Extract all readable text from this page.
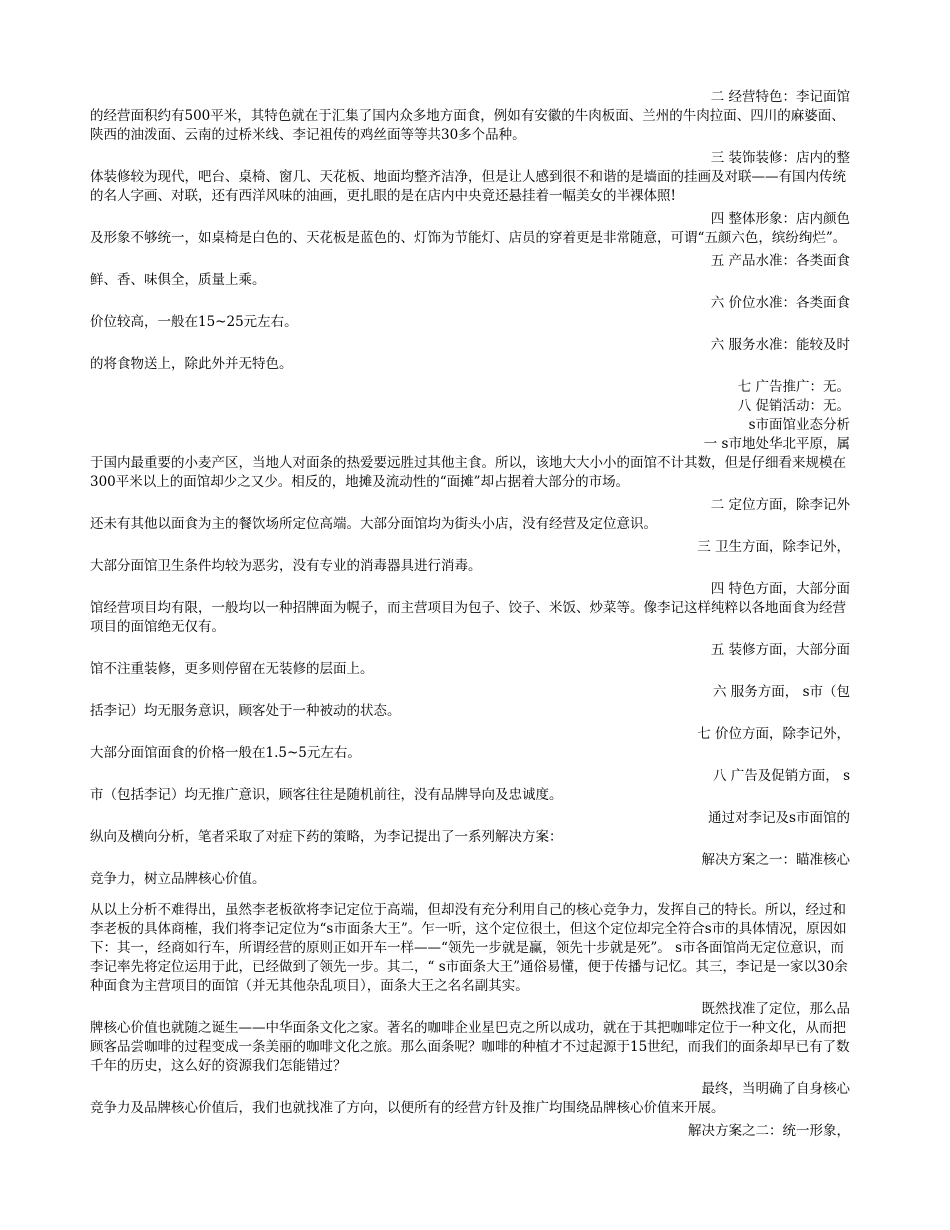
二 经营特色：李记面馆
的经营面积约有500平米，其特色就在于汇集了国内众多地方面食，例如有安徽的牛肉板面、兰州的牛肉拉面、四川的麻婆面、陕西的油泼面、云南的过桥米线、李记祖传的鸡丝面等等共30多个品种。
三 装饰装修：店内的整
体装修较为现代，吧台、桌椅、窗几、天花板、地面均整齐洁净，但是让人感到很不和谐的是墙面的挂画及对联——有国内传统的名人字画、对联，还有西洋风味的油画，更扎眼的是在店内中央竟还悬挂着一幅美女的半裸体照!
四 整体形象：店内颜色
及形象不够统一，如桌椅是白色的、天花板是蓝色的、灯饰为节能灯、店员的穿着更是非常随意，可谓“五颜六色，缤纷绚烂”。
五 产品水准：各类面食
鲜、香、味俱全，质量上乘。
六 价位水准：各类面食
价位较高，一般在15~25元左右。
六 服务水准：能较及时
的将食物送上，除此外并无特色。
七 广告推广：无。
八 促销活动：无。
s市面馆业态分析
一 s市地处华北平原，属
于国内最重要的小麦产区，当地人对面条的热爱要远胜过其他主食。所以，该地大大小小的面馆不计其数，但是仔细看来规模在300平米以上的面馆却少之又少。相反的，地摊及流动性的“面摊”却占据着大部分的市场。
二 定位方面，除李记外
还未有其他以面食为主的餐饮场所定位高端。大部分面馆均为街头小店，没有经营及定位意识。
三 卫生方面，除李记外，
大部分面馆卫生条件均较为恶劣，没有专业的消毒器具进行消毒。
四 特色方面，大部分面
馆经营项目均有限，一般均以一种招牌面为幌子，而主营项目为包子、饺子、米饭、炒菜等。像李记这样纯粹以各地面食为经营项目的面馆绝无仅有。
五 装修方面，大部分面
馆不注重装修，更多则停留在无装修的层面上。
六 服务方面， s市（包
括李记）均无服务意识，顾客处于一种被动的状态。
七 价位方面，除李记外，
大部分面馆面食的价格一般在1.5~5元左右。
八 广告及促销方面， s
市（包括李记）均无推广意识，顾客往往是随机前往，没有品牌导向及忠诚度。
通过对李记及s市面馆的
纵向及横向分析，笔者采取了对症下药的策略，为李记提出了一系列解决方案：
解决方案之一：瞄准核心
竞争力，树立品牌核心价值。
从以上分析不难得出，虽然李老板欲将李记定位于高端，但却没有充分利用自己的核心竞争力，发挥自己的特长。所以，经过和李老板的具体商榷，我们将李记定位为“s市面条大王”。乍一听，这个定位很土，但这个定位却完全符合s市的具体情况，原因如下：其一，经商如行车，所谓经营的原则正如开车一样——“领先一步就是赢，领先十步就是死”。 s市各面馆尚无定位意识，而李记率先将定位运用于此，已经做到了领先一步。其二，“ s市面条大王”通俗易懂，便于传播与记忆。其三，李记是一家以30余种面食为主营项目的面馆（并无其他杂乱项目），面条大王之名名副其实。
既然找准了定位，那么品
牌核心价值也就随之诞生——中华面条文化之家。著名的咖啡企业星巴克之所以成功，就在于其把咖啡定位于一种文化，从而把顾客品尝咖啡的过程变成一条美丽的咖啡文化之旅。那么面条呢？咖啡的种植才不过起源于15世纪，而我们的面条却早已有了数千年的历史，这么好的资源我们怎能错过？
最终，当明确了自身核心
竞争力及品牌核心价值后，我们也就找准了方向，以便所有的经营方针及推广均围绕品牌核心价值来开展。
解决方案之二：统一形象，
